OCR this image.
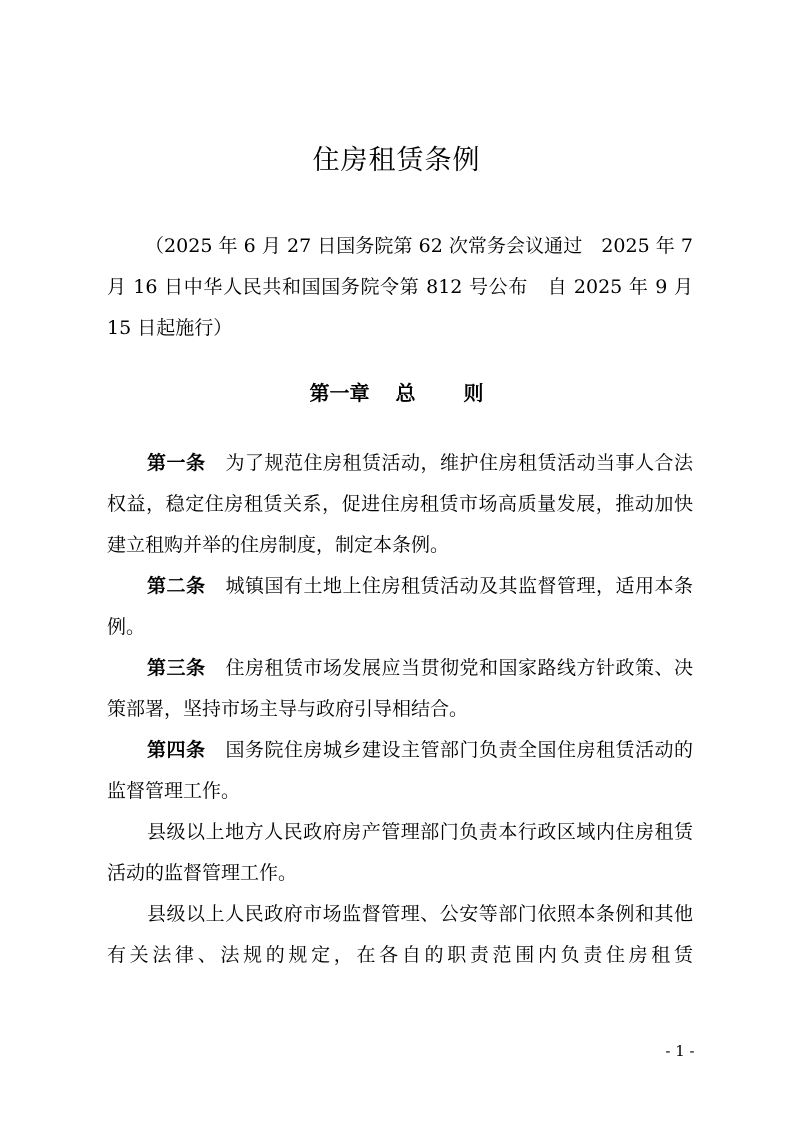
住房租赁条例
（2025 年 6 月 27 日国务院第 62 次常务会议通过　2025 年 7 月 16 日中华人民共和国国务院令第 812 号公布　自 2025 年 9 月 15 日起施行）
第一章 总 则

第一条 为了规范住房租赁活动，维护住房租赁活动当事人合法权益，稳定住房租赁关系，促进住房租赁市场高质量发展，推动加快建立租购并举的住房制度，制定本条例。

第二条 城镇国有土地上住房租赁活动及其监督管理，适用本条例。

第三条 住房租赁市场发展应当贯彻党和国家路线方针政策、决策部署，坚持市场主导与政府引导相结合。

第四条 国务院住房城乡建设主管部门负责全国住房租赁活动的监督管理工作。

县级以上地方人民政府房产管理部门负责本行政区域内住房租赁活动的监督管理工作。

县级以上人民政府市场监督管理、公安等部门依照本条例和其他有关法律、法规的规定，在各自的职责范围内负责住房租赁

- 1 -
